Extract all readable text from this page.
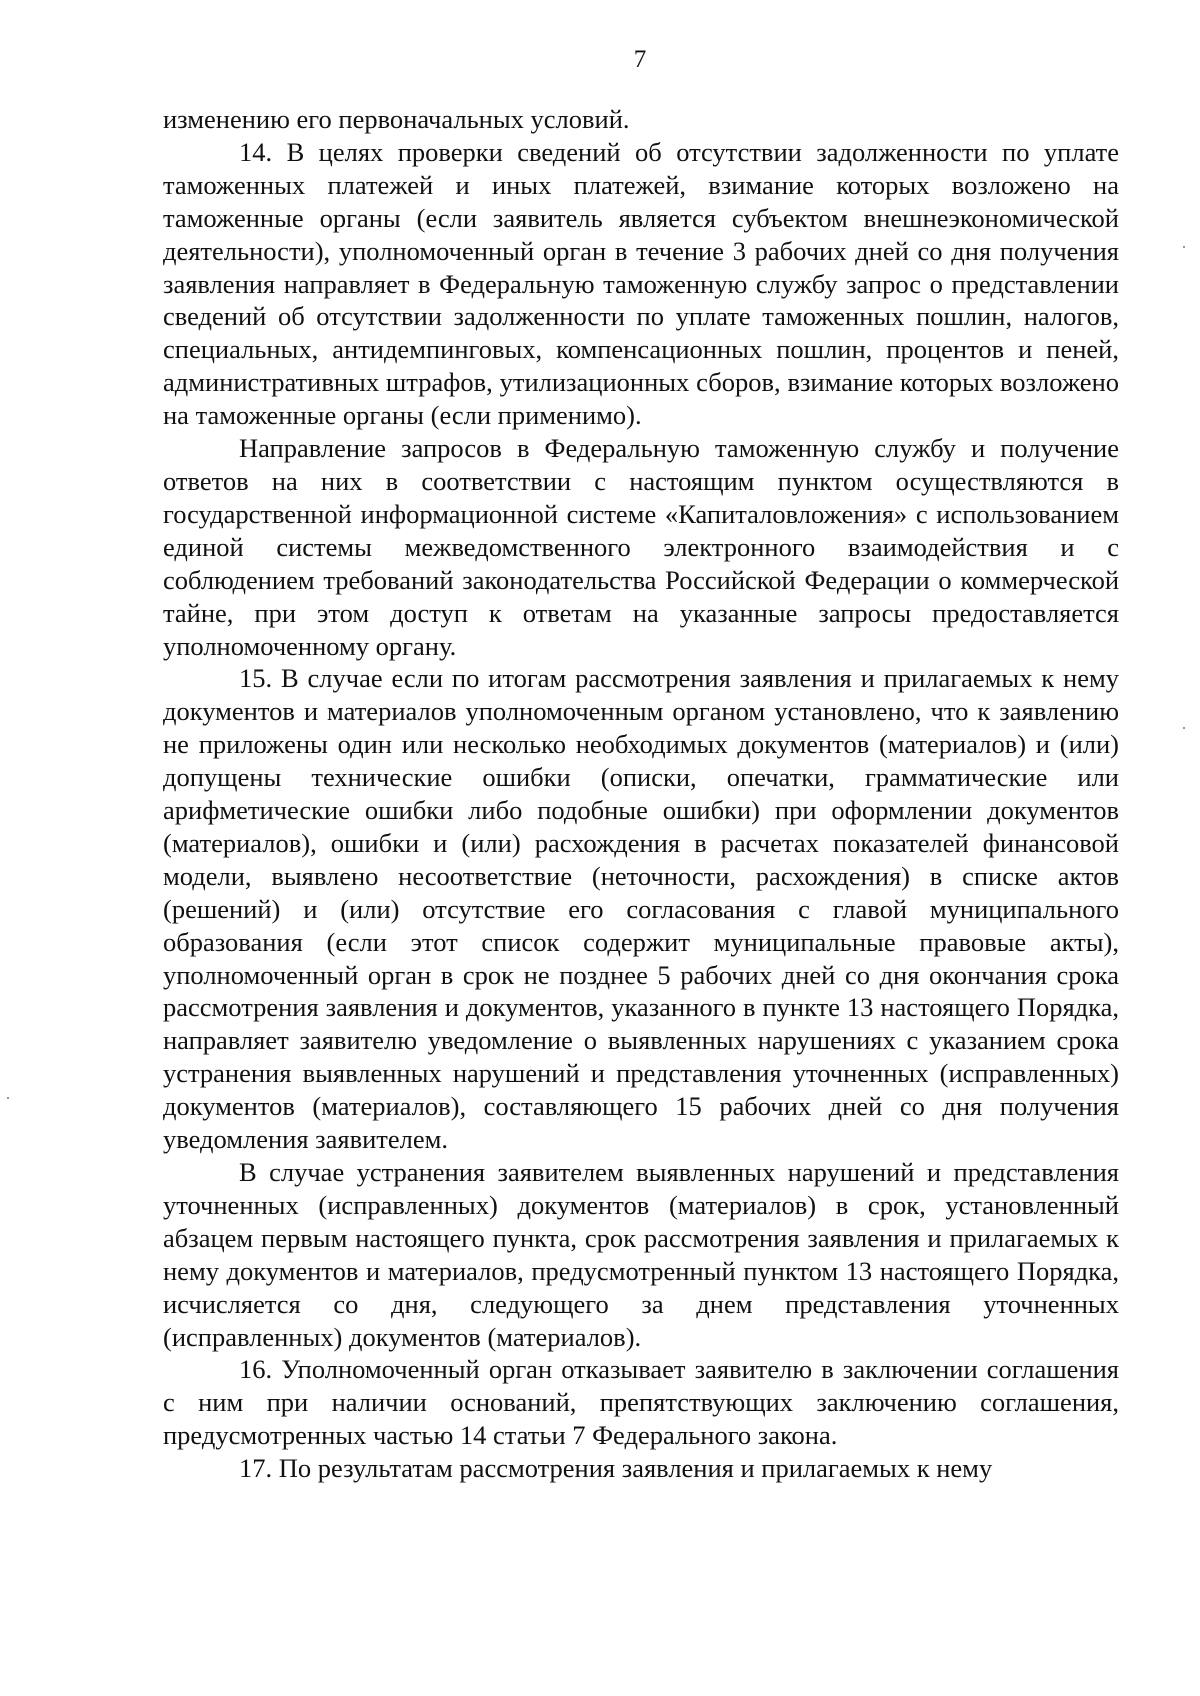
7

изменению его первоначальных условий.

14. В целях проверки сведений об отсутствии задолженности по уплате таможенных платежей и иных платежей, взимание которых возложено на таможенные органы (если заявитель является субъектом внешнеэкономической деятельности), уполномоченный орган в течение 3 рабочих дней со дня получения заявления направляет в Федеральную таможенную службу запрос о представлении сведений об отсутствии задолженности по уплате таможенных пошлин, налогов, специальных, антидемпинговых, компенсационных пошлин, процентов и пеней, административных штрафов, утилизационных сборов, взимание которых возложено на таможенные органы (если применимо).

Направление запросов в Федеральную таможенную службу и получение ответов на них в соответствии с настоящим пунктом осуществляются в государственной информационной системе «Капиталовложения» с использованием единой системы межведомственного электронного взаимодействия и с соблюдением требований законодательства Российской Федерации о коммерческой тайне, при этом доступ к ответам на указанные запросы предоставляется уполномоченному органу.

15. В случае если по итогам рассмотрения заявления и прилагаемых к нему документов и материалов уполномоченным органом установлено, что к заявлению не приложены один или несколько необходимых документов (материалов) и (или) допущены технические ошибки (описки, опечатки, грамматические или арифметические ошибки либо подобные ошибки) при оформлении документов (материалов), ошибки и (или) расхождения в расчетах показателей финансовой модели, выявлено несоответствие (неточности, расхождения) в списке актов (решений) и (или) отсутствие его согласования с главой муниципального образования (если этот список содержит муниципальные правовые акты), уполномоченный орган в срок не позднее 5 рабочих дней со дня окончания срока рассмотрения заявления и документов, указанного в пункте 13 настоящего Порядка, направляет заявителю уведомление о выявленных нарушениях с указанием срока устранения выявленных нарушений и представления уточненных (исправленных) документов (материалов), составляющего 15 рабочих дней со дня получения уведомления заявителем.

В случае устранения заявителем выявленных нарушений и представления уточненных (исправленных) документов (материалов) в срок, установленный абзацем первым настоящего пункта, срок рассмотрения заявления и прилагаемых к нему документов и материалов, предусмотренный пунктом 13 настоящего Порядка, исчисляется со дня, следующего за днем представления уточненных (исправленных) документов (материалов).

16. Уполномоченный орган отказывает заявителю в заключении соглашения с ним при наличии оснований, препятствующих заключению соглашения, предусмотренных частью 14 статьи 7 Федерального закона.

17. По результатам рассмотрения заявления и прилагаемых к нему
